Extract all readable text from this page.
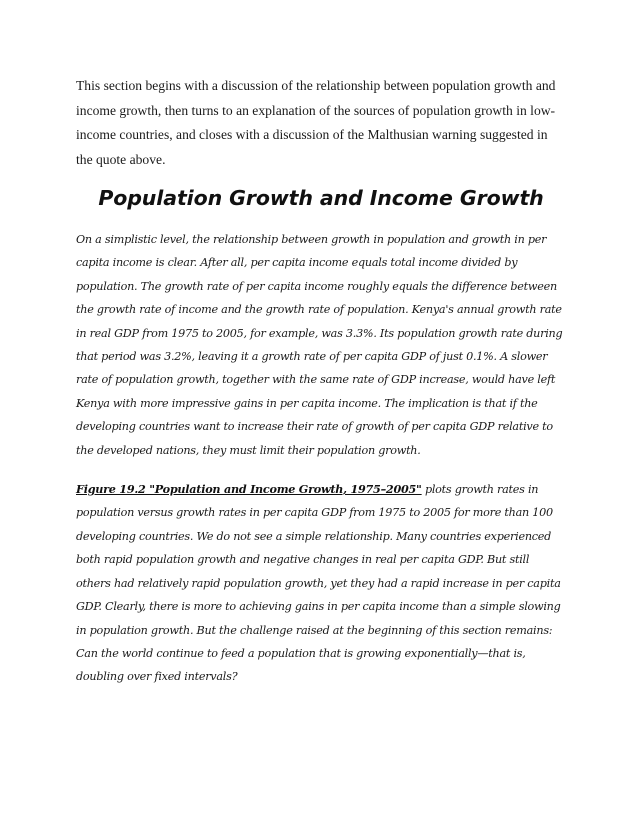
This section begins with a discussion of the relationship between population growth and income growth, then turns to an explanation of the sources of population growth in low-income countries, and closes with a discussion of the Malthusian warning suggested in the quote above.

Population Growth and Income Growth

On a simplistic level, the relationship between growth in population and growth in per capita income is clear. After all, per capita income equals total income divided by population. The growth rate of per capita income roughly equals the difference between the growth rate of income and the growth rate of population. Kenya's annual growth rate in real GDP from 1975 to 2005, for example, was 3.3%. Its population growth rate during that period was 3.2%, leaving it a growth rate of per capita GDP of just 0.1%. A slower rate of population growth, together with the same rate of GDP increase, would have left Kenya with more impressive gains in per capita income. The implication is that if the developing countries want to increase their rate of growth of per capita GDP relative to the developed nations, they must limit their population growth.

Figure 19.2 "Population and Income Growth, 1975–2005" plots growth rates in population versus growth rates in per capita GDP from 1975 to 2005 for more than 100 developing countries. We do not see a simple relationship. Many countries experienced both rapid population growth and negative changes in real per capita GDP. But still others had relatively rapid population growth, yet they had a rapid increase in per capita GDP. Clearly, there is more to achieving gains in per capita income than a simple slowing in population growth. But the challenge raised at the beginning of this section remains: Can the world continue to feed a population that is growing exponentially—that is, doubling over fixed intervals?
